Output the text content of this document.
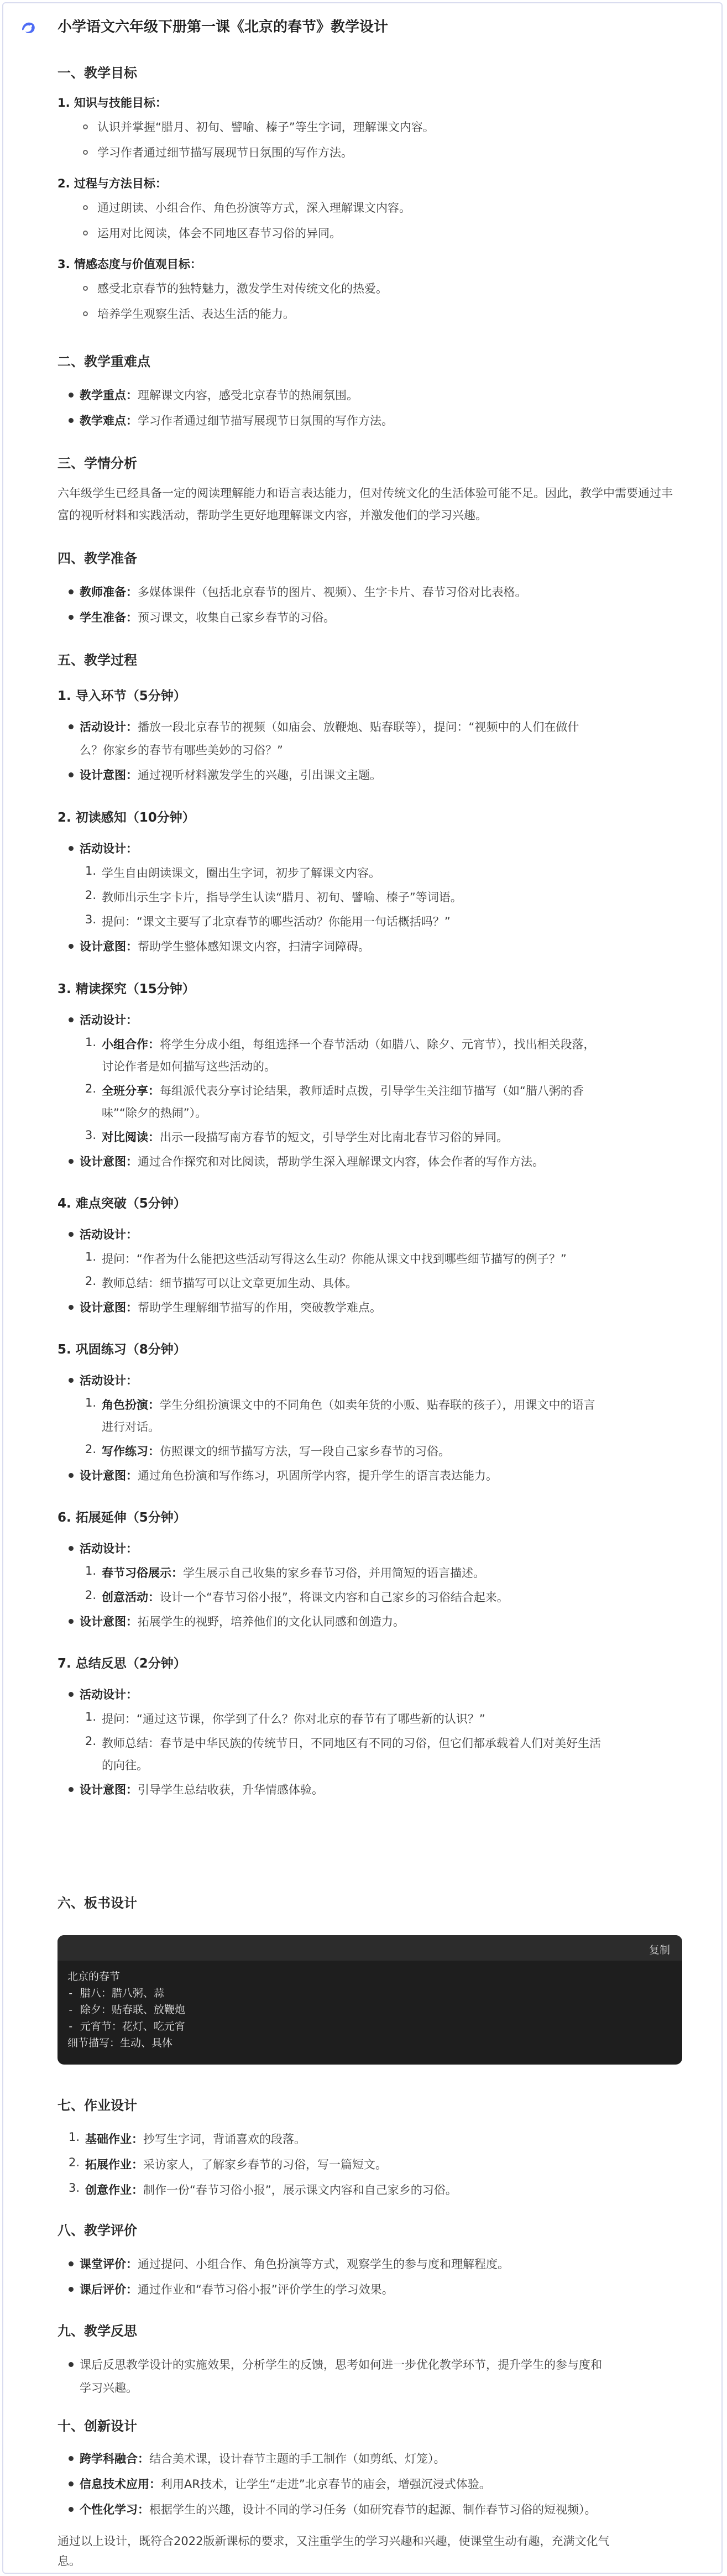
小学语文六年级下册第一课《北京的春节》教学设计
一、教学目标
1. 知识与技能目标：
认识并掌握“腊月、初旬、譬喻、榛子”等生字词，理解课文内容。
学习作者通过细节描写展现节日氛围的写作方法。
2. 过程与方法目标：
通过朗读、小组合作、角色扮演等方式，深入理解课文内容。
运用对比阅读，体会不同地区春节习俗的异同。
3. 情感态度与价值观目标：
感受北京春节的独特魅力，激发学生对传统文化的热爱。
培养学生观察生活、表达生活的能力。
二、教学重难点
教学重点：理解课文内容，感受北京春节的热闹氛围。
教学难点：学习作者通过细节描写展现节日氛围的写作方法。
三、学情分析
六年级学生已经具备一定的阅读理解能力和语言表达能力，但对传统文化的生活体验可能不足。因此，教学中需要通过丰富的视听材料和实践活动，帮助学生更好地理解课文内容，并激发他们的学习兴趣。
四、教学准备
教师准备：多媒体课件（包括北京春节的图片、视频）、生字卡片、春节习俗对比表格。
学生准备：预习课文，收集自己家乡春节的习俗。
五、教学过程
1. 导入环节（5分钟）
活动设计：播放一段北京春节的视频（如庙会、放鞭炮、贴春联等），提问：“视频中的人们在做什
么？你家乡的春节有哪些美妙的习俗？”
设计意图：通过视听材料激发学生的兴趣，引出课文主题。
2. 初读感知（10分钟）
活动设计：
1. 学生自由朗读课文，圈出生字词，初步了解课文内容。
2. 教师出示生字卡片，指导学生认读“腊月、初旬、譬喻、榛子”等词语。
3. 提问：“课文主要写了北京春节的哪些活动？你能用一句话概括吗？”
设计意图：帮助学生整体感知课文内容，扫清字词障碍。
3. 精读探究（15分钟）
活动设计：
1. 小组合作：将学生分成小组，每组选择一个春节活动（如腊八、除夕、元宵节），找出相关段落，
讨论作者是如何描写这些活动的。
2. 全班分享：每组派代表分享讨论结果，教师适时点拨，引导学生关注细节描写（如“腊八粥的香
味”“除夕的热闹”）。
3. 对比阅读：出示一段描写南方春节的短文，引导学生对比南北春节习俗的异同。
设计意图：通过合作探究和对比阅读，帮助学生深入理解课文内容，体会作者的写作方法。
4. 难点突破（5分钟）
活动设计：
1. 提问：“作者为什么能把这些活动写得这么生动？你能从课文中找到哪些细节描写的例子？”
2. 教师总结：细节描写可以让文章更加生动、具体。
设计意图：帮助学生理解细节描写的作用，突破教学难点。
5. 巩固练习（8分钟）
活动设计：
1. 角色扮演：学生分组扮演课文中的不同角色（如卖年货的小贩、贴春联的孩子），用课文中的语言
进行对话。
2. 写作练习：仿照课文的细节描写方法，写一段自己家乡春节的习俗。
设计意图：通过角色扮演和写作练习，巩固所学内容，提升学生的语言表达能力。
6. 拓展延伸（5分钟）
活动设计：
1. 春节习俗展示：学生展示自己收集的家乡春节习俗，并用简短的语言描述。
2. 创意活动：设计一个“春节习俗小报”，将课文内容和自己家乡的习俗结合起来。
设计意图：拓展学生的视野，培养他们的文化认同感和创造力。
7. 总结反思（2分钟）
活动设计：
1. 提问：“通过这节课，你学到了什么？你对北京的春节有了哪些新的认识？”
2. 教师总结：春节是中华民族的传统节日，不同地区有不同的习俗，但它们都承载着人们对美好生活
的向往。
设计意图：引导学生总结收获，升华情感体验。
六、板书设计
复制
北京的春节
- 腊八：腊八粥、蒜
- 除夕：贴春联、放鞭炮
- 元宵节：花灯、吃元宵
细节描写：生动、具体
七、作业设计
1. 基础作业：抄写生字词，背诵喜欢的段落。
2. 拓展作业：采访家人，了解家乡春节的习俗，写一篇短文。
3. 创意作业：制作一份“春节习俗小报”，展示课文内容和自己家乡的习俗。
八、教学评价
课堂评价：通过提问、小组合作、角色扮演等方式，观察学生的参与度和理解程度。
课后评价：通过作业和“春节习俗小报”评价学生的学习效果。
九、教学反思
课后反思教学设计的实施效果，分析学生的反馈，思考如何进一步优化教学环节，提升学生的参与度和
学习兴趣。
十、创新设计
跨学科融合：结合美术课，设计春节主题的手工制作（如剪纸、灯笼）。
信息技术应用：利用AR技术，让学生“走进”北京春节的庙会，增强沉浸式体验。
个性化学习：根据学生的兴趣，设计不同的学习任务（如研究春节的起源、制作春节习俗的短视频）。
通过以上设计，既符合2022版新课标的要求，又注重学生的学习兴趣和兴趣，使课堂生动有趣，充满文化气
息。
